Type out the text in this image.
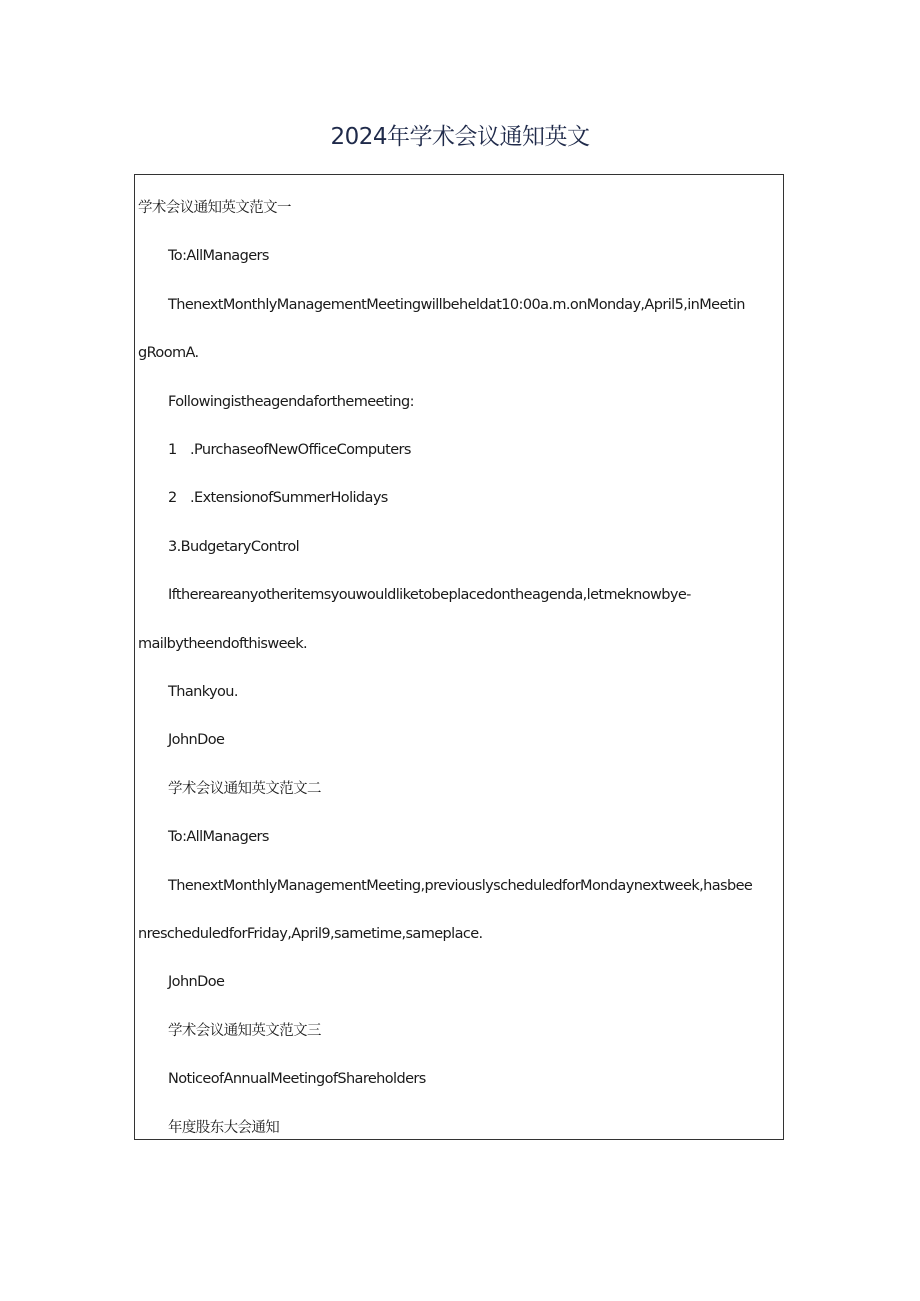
2024年学术会议通知英文
学术会议通知英文范文一
To:AllManagers
ThenextMonthlyManagementMeetingwillbeheldat10:00a.m.onMonday,April5,inMeetin
gRoomA.
Followingistheagendaforthemeeting:
1 .PurchaseofNewOfficeComputers
2 .ExtensionofSummerHolidays
3.BudgetaryControl
Ifthereareanyotheritemsyouwouldliketobeplacedontheagenda,letmeknowbye-
mailbytheendofthisweek.
Thankyou.
JohnDoe
学术会议通知英文范文二
To:AllManagers
ThenextMonthlyManagementMeeting,previouslyscheduledforMondaynextweek,hasbee
nrescheduledforFriday,April9,sametime,sameplace.
JohnDoe
学术会议通知英文范文三
NoticeofAnnualMeetingofShareholders
年度股东大会通知
